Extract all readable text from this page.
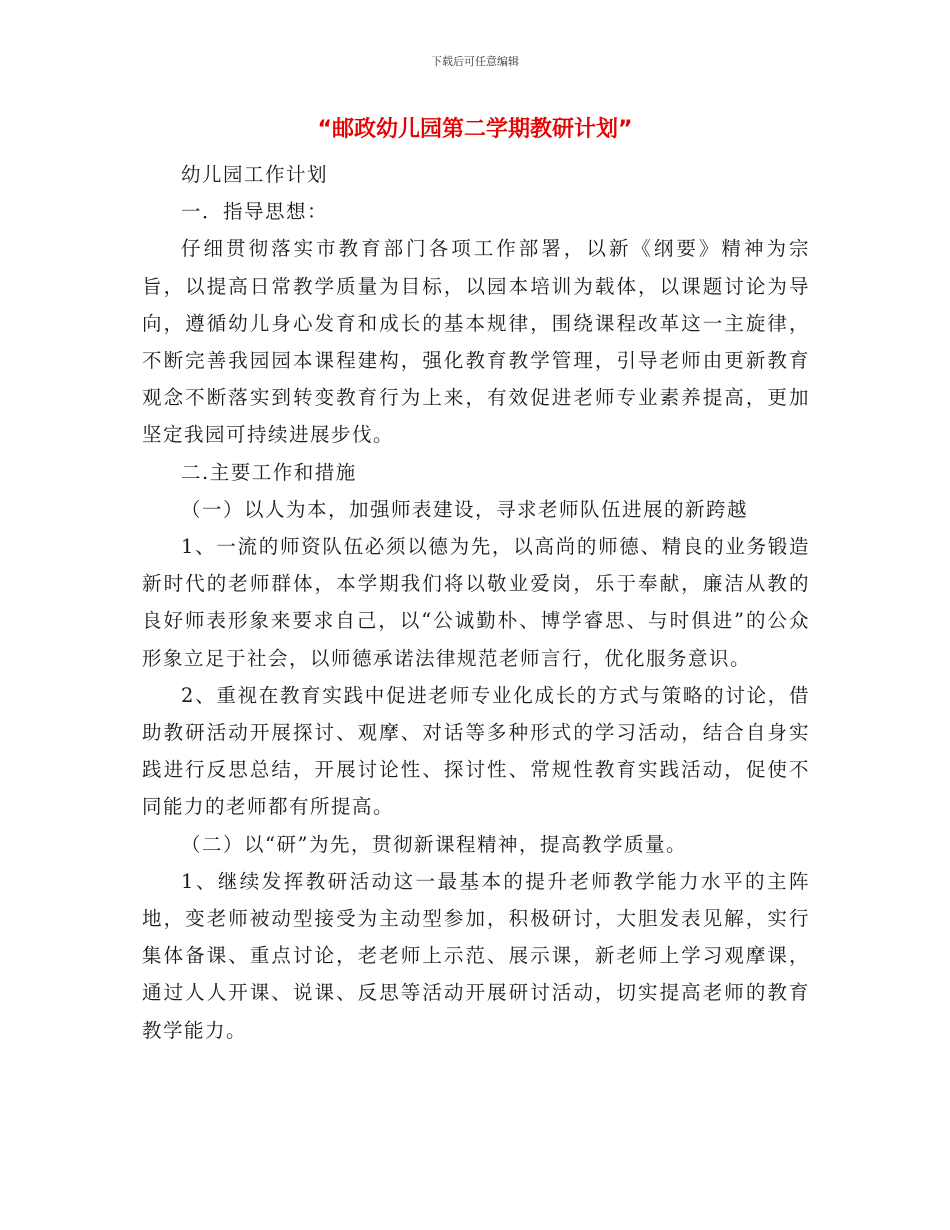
下载后可任意编辑
“邮政幼儿园第二学期教研计划”

幼儿园工作计划

一．指导思想：

仔细贯彻落实市教育部门各项工作部署，以新《纲要》精神为宗旨，以提高日常教学质量为目标，以园本培训为载体，以课题讨论为导向，遵循幼儿身心发育和成长的基本规律，围绕课程改革这一主旋律，不断完善我园园本课程建构，强化教育教学管理，引导老师由更新教育观念不断落实到转变教育行为上来，有效促进老师专业素养提高，更加坚定我园可持续进展步伐。

二.主要工作和措施

（一）以人为本，加强师表建设，寻求老师队伍进展的新跨越

1、一流的师资队伍必须以德为先，以高尚的师德、精良的业务锻造新时代的老师群体，本学期我们将以敬业爱岗，乐于奉献，廉洁从教的良好师表形象来要求自己，以“公诚勤朴、博学睿思、与时俱进”的公众形象立足于社会，以师德承诺法律规范老师言行，优化服务意识。

2、重视在教育实践中促进老师专业化成长的方式与策略的讨论，借助教研活动开展探讨、观摩、对话等多种形式的学习活动，结合自身实践进行反思总结，开展讨论性、探讨性、常规性教育实践活动，促使不同能力的老师都有所提高。

（二）以“研”为先，贯彻新课程精神，提高教学质量。

1、继续发挥教研活动这一最基本的提升老师教学能力水平的主阵地，变老师被动型接受为主动型参加，积极研讨，大胆发表见解，实行集体备课、重点讨论，老老师上示范、展示课，新老师上学习观摩课，通过人人开课、说课、反思等活动开展研讨活动，切实提高老师的教育教学能力。
